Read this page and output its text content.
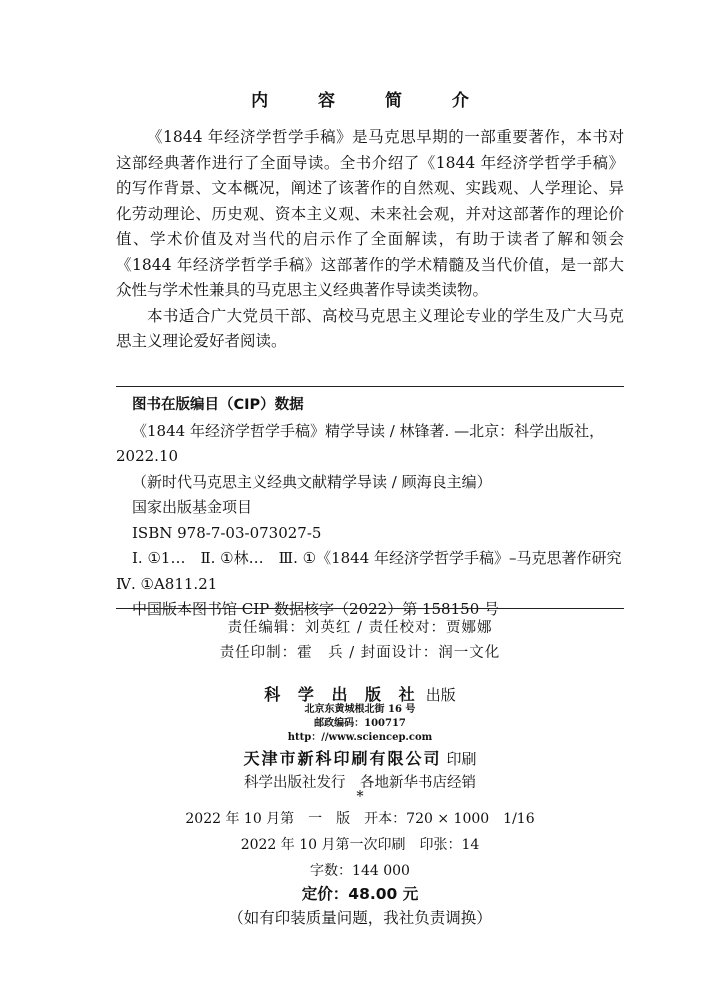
内 容 简 介

《1844 年经济学哲学手稿》是马克思早期的一部重要著作，本书对这部经典著作进行了全面导读。全书介绍了《1844 年经济学哲学手稿》的写作背景、文本概况，阐述了该著作的自然观、实践观、人学理论、异化劳动理论、历史观、资本主义观、未来社会观，并对这部著作的理论价值、学术价值及对当代的启示作了全面解读，有助于读者了解和领会《1844 年经济学哲学手稿》这部著作的学术精髓及当代价值，是一部大众性与学术性兼具的马克思主义经典著作导读类读物。

本书适合广大党员干部、高校马克思主义理论专业的学生及广大马克思主义理论爱好者阅读。

图书在版编目（CIP）数据
《1844 年经济学哲学手稿》精学导读 / 林锋著. —北京：科学出版社，2022.10
（新时代马克思主义经典文献精学导读 / 顾海良主编）
国家出版基金项目
ISBN 978-7-03-073027-5
Ⅰ. ①1…　Ⅱ. ①林…　Ⅲ. ①《1844 年经济学哲学手稿》–马克思著作研究　Ⅳ. ①A811.21
中国版本图书馆 CIP 数据核字（2022）第 158150 号
责任编辑：刘英红 / 责任校对：贾娜娜
责任印制：霍　兵 / 封面设计：润一文化
科 学 出 版 社 出版
北京东黄城根北街 16 号
邮政编码：100717
http：//www.sciencep.com
天津市新科印刷有限公司 印刷
科学出版社发行　各地新华书店经销
*
2022 年 10 月第　一　版　开本：720 × 1000　1/16
2022 年 10 月第一次印刷　印张：14
字数：144 000
定价：48.00 元
（如有印装质量问题，我社负责调换）
